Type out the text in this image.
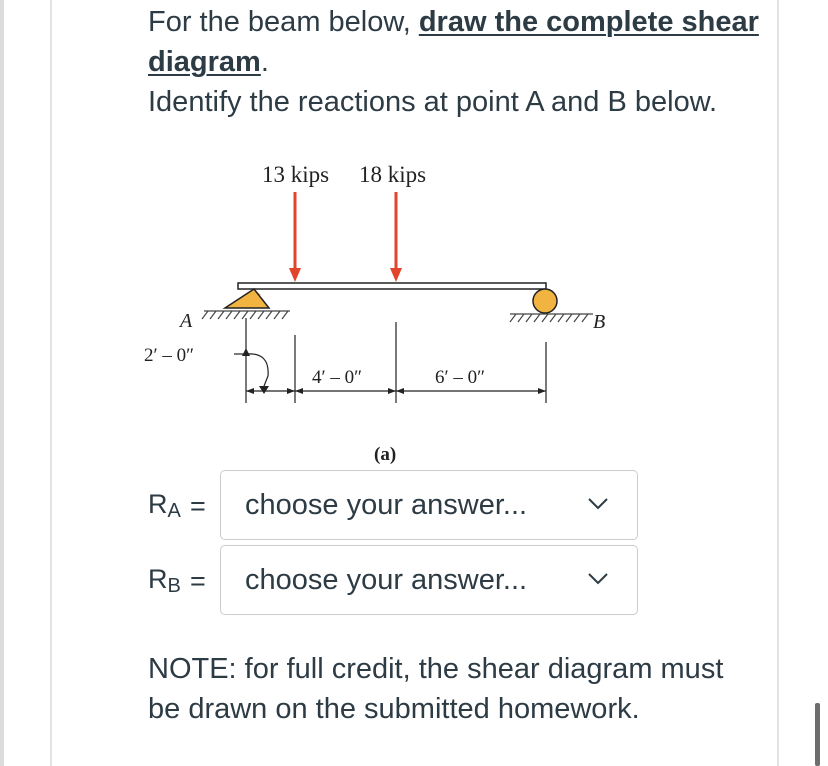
For the beam below, draw the complete shear diagram.

Identify the reactions at point A and B below.

13 kips 18 kips
A	B
2′ – 0″
4′ – 0″	6′ – 0″
(a)
$R_A$ =	choose your answer...
$R_B$ =	choose your answer...

NOTE: for full credit, the shear diagram must be drawn on the submitted homework.
